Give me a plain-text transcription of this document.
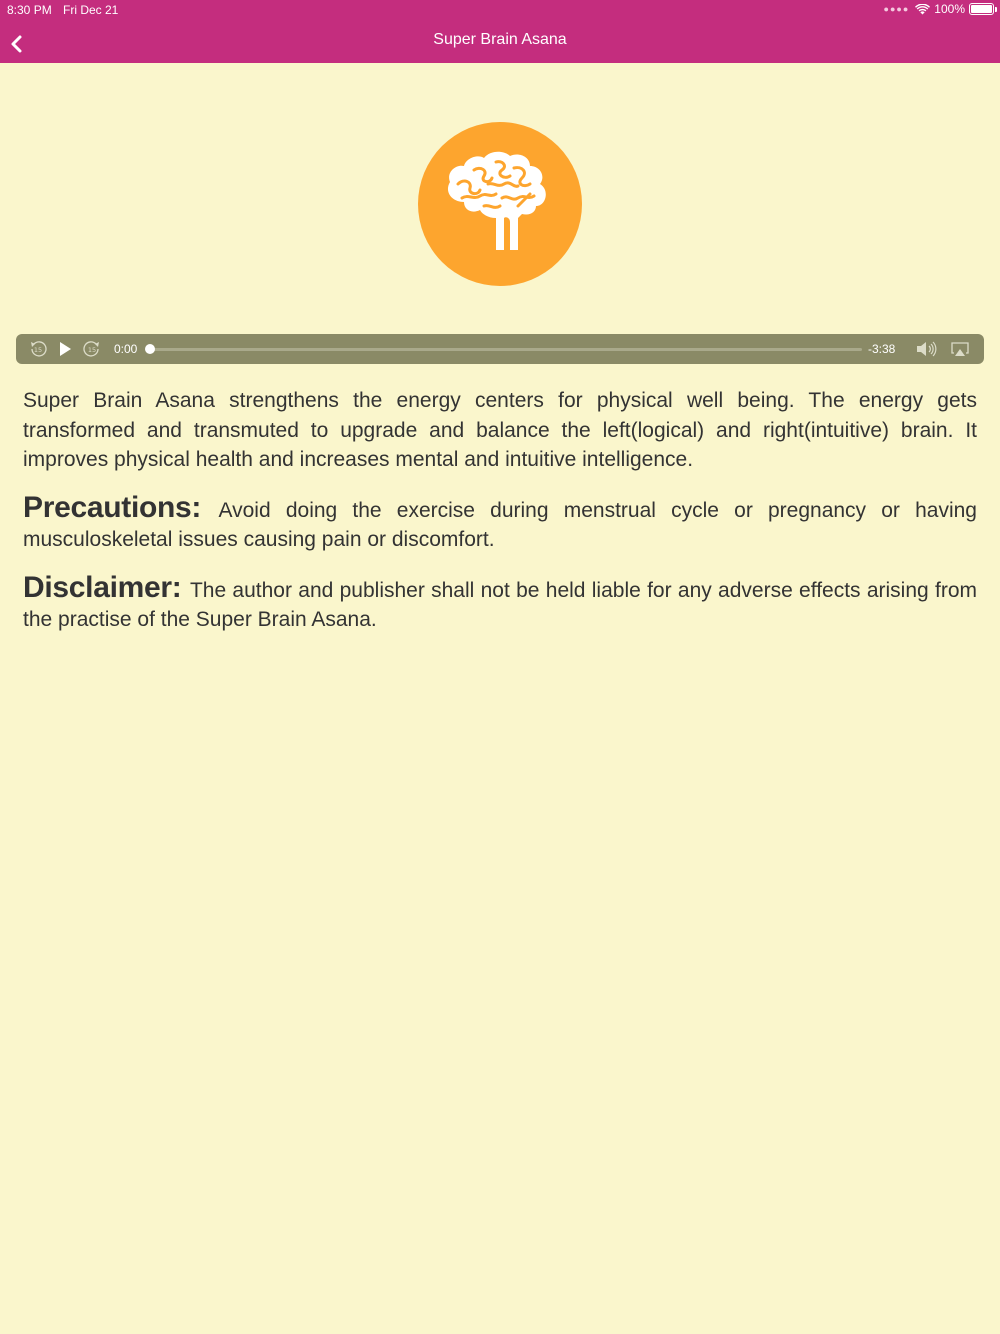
8:30 PM Fri Dec 21	●●●● 100%
Super Brain Asana
15	15 0:00	-3:38

Super Brain Asana strengthens the energy centers for physical well being. The energy gets transformed and transmuted to upgrade and balance the left(logical) and right(intuitive) brain. It improves physical health and increases mental and intuitive intelligence.

Precautions: Avoid doing the exercise during menstrual cycle or pregnancy or having musculoskeletal issues causing pain or discomfort.

Disclaimer: The author and publisher shall not be held liable for any adverse effects arising from the practise of the Super Brain Asana.
